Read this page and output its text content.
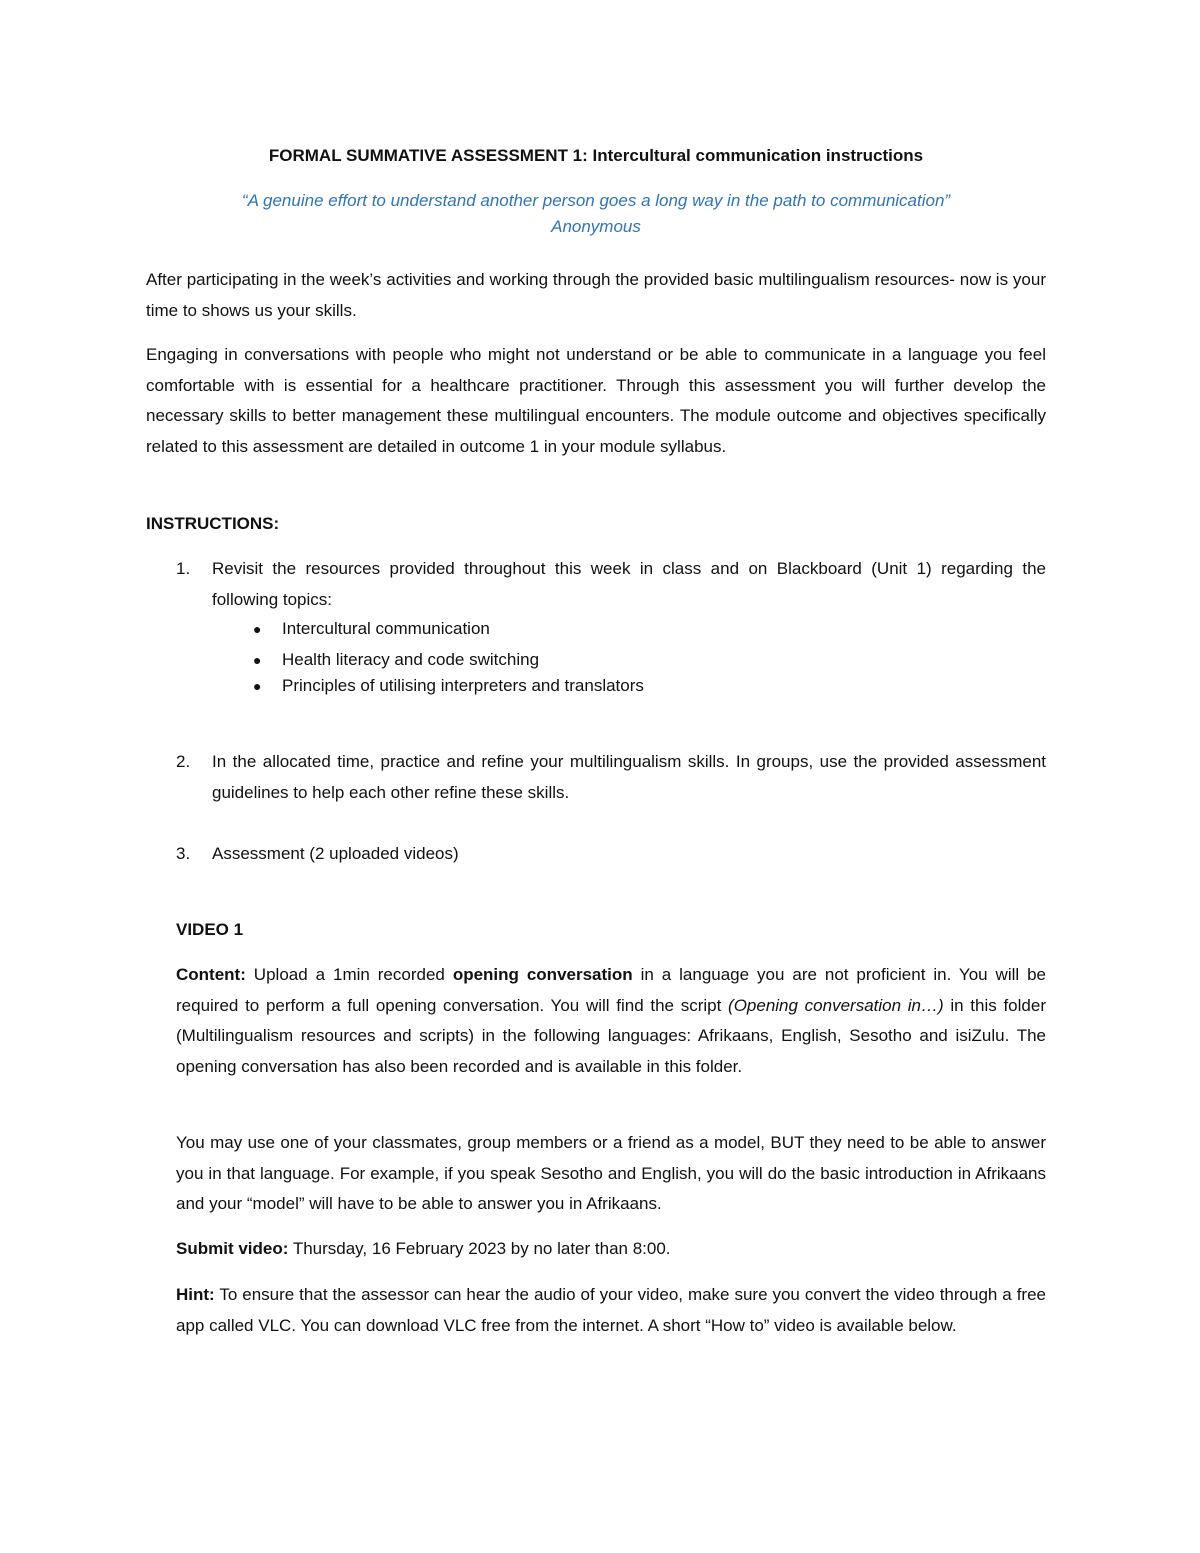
FORMAL SUMMATIVE ASSESSMENT 1: Intercultural communication instructions
“A genuine effort to understand another person goes a long way in the path to communication”
Anonymous

After participating in the week’s activities and working through the provided basic multilingualism resources- now is your time to shows us your skills.

Engaging in conversations with people who might not understand or be able to communicate in a language you feel comfortable with is essential for a healthcare practitioner. Through this assessment you will further develop the necessary skills to better management these multilingual encounters. The module outcome and objectives specifically related to this assessment are detailed in outcome 1 in your module syllabus.

INSTRUCTIONS:
1. Revisit the resources provided throughout this week in class and on Blackboard (Unit 1) regarding the following topics:
● Intercultural communication
● Health literacy and code switching
● Principles of utilising interpreters and translators
2. In the allocated time, practice and refine your multilingualism skills. In groups, use the provided assessment guidelines to help each other refine these skills.
3. Assessment (2 uploaded videos)
VIDEO 1

Content: Upload a 1min recorded opening conversation in a language you are not proficient in. You will be required to perform a full opening conversation. You will find the script (Opening conversation in…) in this folder (Multilingualism resources and scripts) in the following languages: Afrikaans, English, Sesotho and isiZulu. The opening conversation has also been recorded and is available in this folder.

You may use one of your classmates, group members or a friend as a model, BUT they need to be able to answer you in that language. For example, if you speak Sesotho and English, you will do the basic introduction in Afrikaans and your “model” will have to be able to answer you in Afrikaans.

Submit video: Thursday, 16 February 2023 by no later than 8:00.

Hint: To ensure that the assessor can hear the audio of your video, make sure you convert the video through a free app called VLC. You can download VLC free from the internet. A short “How to” video is available below.
